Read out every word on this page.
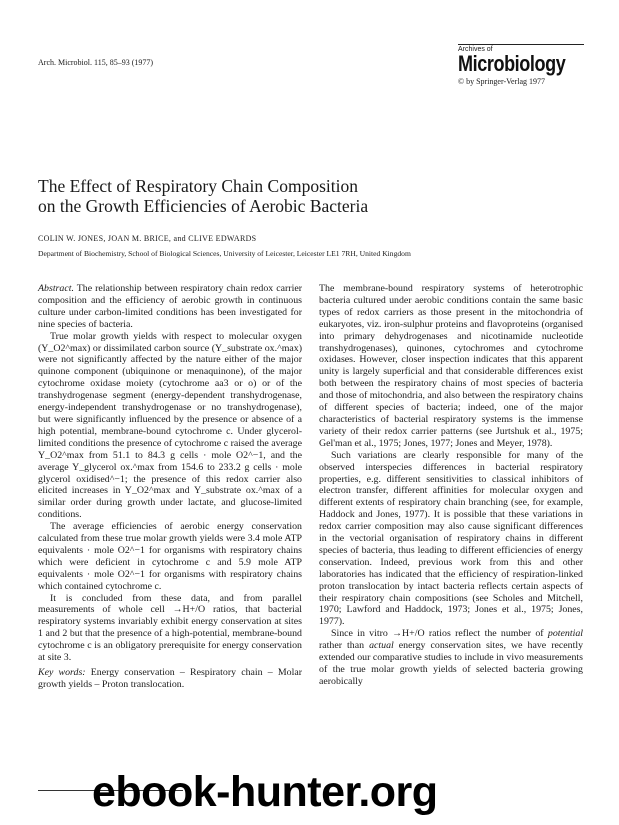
Arch. Microbiol. 115, 85–93 (1977)
Archives of
Microbiology
© by Springer-Verlag 1977
The Effect of Respiratory Chain Composition
on the Growth Efficiencies of Aerobic Bacteria
COLIN W. JONES, JOAN M. BRICE, and CLIVE EDWARDS
Department of Biochemistry, School of Biological Sciences, University of Leicester, Leicester LE1 7RH, United Kingdom

Abstract. The relationship between respiratory chain redox carrier composition and the efficiency of aerobic growth in continuous culture under carbon-limited conditions has been investigated for nine species of bacteria.

True molar growth yields with respect to molecular oxygen (Y_O2^max) or dissimilated carbon source (Y_substrate ox.^max) were not significantly affected by the nature either of the major quinone component (ubiquinone or menaquinone), of the major cytochrome oxidase moiety (cytochrome aa3 or o) or of the transhydrogenase segment (energy-dependent transhydrogenase, energy-independent transhydrogenase or no transhydrogenase), but were significantly influenced by the presence or absence of a high potential, membrane-bound cytochrome c. Under glycerol-limited conditions the presence of cytochrome c raised the average Y_O2^max from 51.1 to 84.3 g cells · mole O2^−1, and the average Y_glycerol ox.^max from 154.6 to 233.2 g cells · mole glycerol oxidised^−1; the presence of this redox carrier also elicited increases in Y_O2^max and Y_substrate ox.^max of a similar order during growth under lactate, and glucose-limited conditions.

The average efficiencies of aerobic energy conservation calculated from these true molar growth yields were 3.4 mole ATP equivalents · mole O2^−1 for organisms with respiratory chains which were deficient in cytochrome c and 5.9 mole ATP equivalents · mole O2^−1 for organisms with respiratory chains which contained cytochrome c.

It is concluded from these data, and from parallel measurements of whole cell →H+/O ratios, that bacterial respiratory systems invariably exhibit energy conservation at sites 1 and 2 but that the presence of a high-potential, membrane-bound cytochrome c is an obligatory prerequisite for energy conservation at site 3.

Key words: Energy conservation – Respiratory chain – Molar growth yields – Proton translocation.

The membrane-bound respiratory systems of heterotrophic bacteria cultured under aerobic conditions contain the same basic types of redox carriers as those present in the mitochondria of eukaryotes, viz. iron-sulphur proteins and flavoproteins (organised into primary dehydrogenases and nicotinamide nucleotide transhydrogenases), quinones, cytochromes and cytochrome oxidases. However, closer inspection indicates that this apparent unity is largely superficial and that considerable differences exist both between the respiratory chains of most species of bacteria and those of mitochondria, and also between the respiratory chains of different species of bacteria; indeed, one of the major characteristics of bacterial respiratory systems is the immense variety of their redox carrier patterns (see Jurtshuk et al., 1975; Gel'man et al., 1975; Jones, 1977; Jones and Meyer, 1978).

Such variations are clearly responsible for many of the observed interspecies differences in bacterial respiratory properties, e.g. different sensitivities to classical inhibitors of electron transfer, different affinities for molecular oxygen and different extents of respiratory chain branching (see, for example, Haddock and Jones, 1977). It is possible that these variations in redox carrier composition may also cause significant differences in the vectorial organisation of respiratory chains in different species of bacteria, thus leading to different efficiencies of energy conservation. Indeed, previous work from this and other laboratories has indicated that the efficiency of respiration-linked proton translocation by intact bacteria reflects certain aspects of their respiratory chain compositions (see Scholes and Mitchell, 1970; Lawford and Haddock, 1973; Jones et al., 1975; Jones, 1977).

Since in vitro →H+/O ratios reflect the number of potential rather than actual energy conservation sites, we have recently extended our comparative studies to include in vivo measurements of the true molar growth yields of selected bacteria growing aerobically

ebook-hunter.org
